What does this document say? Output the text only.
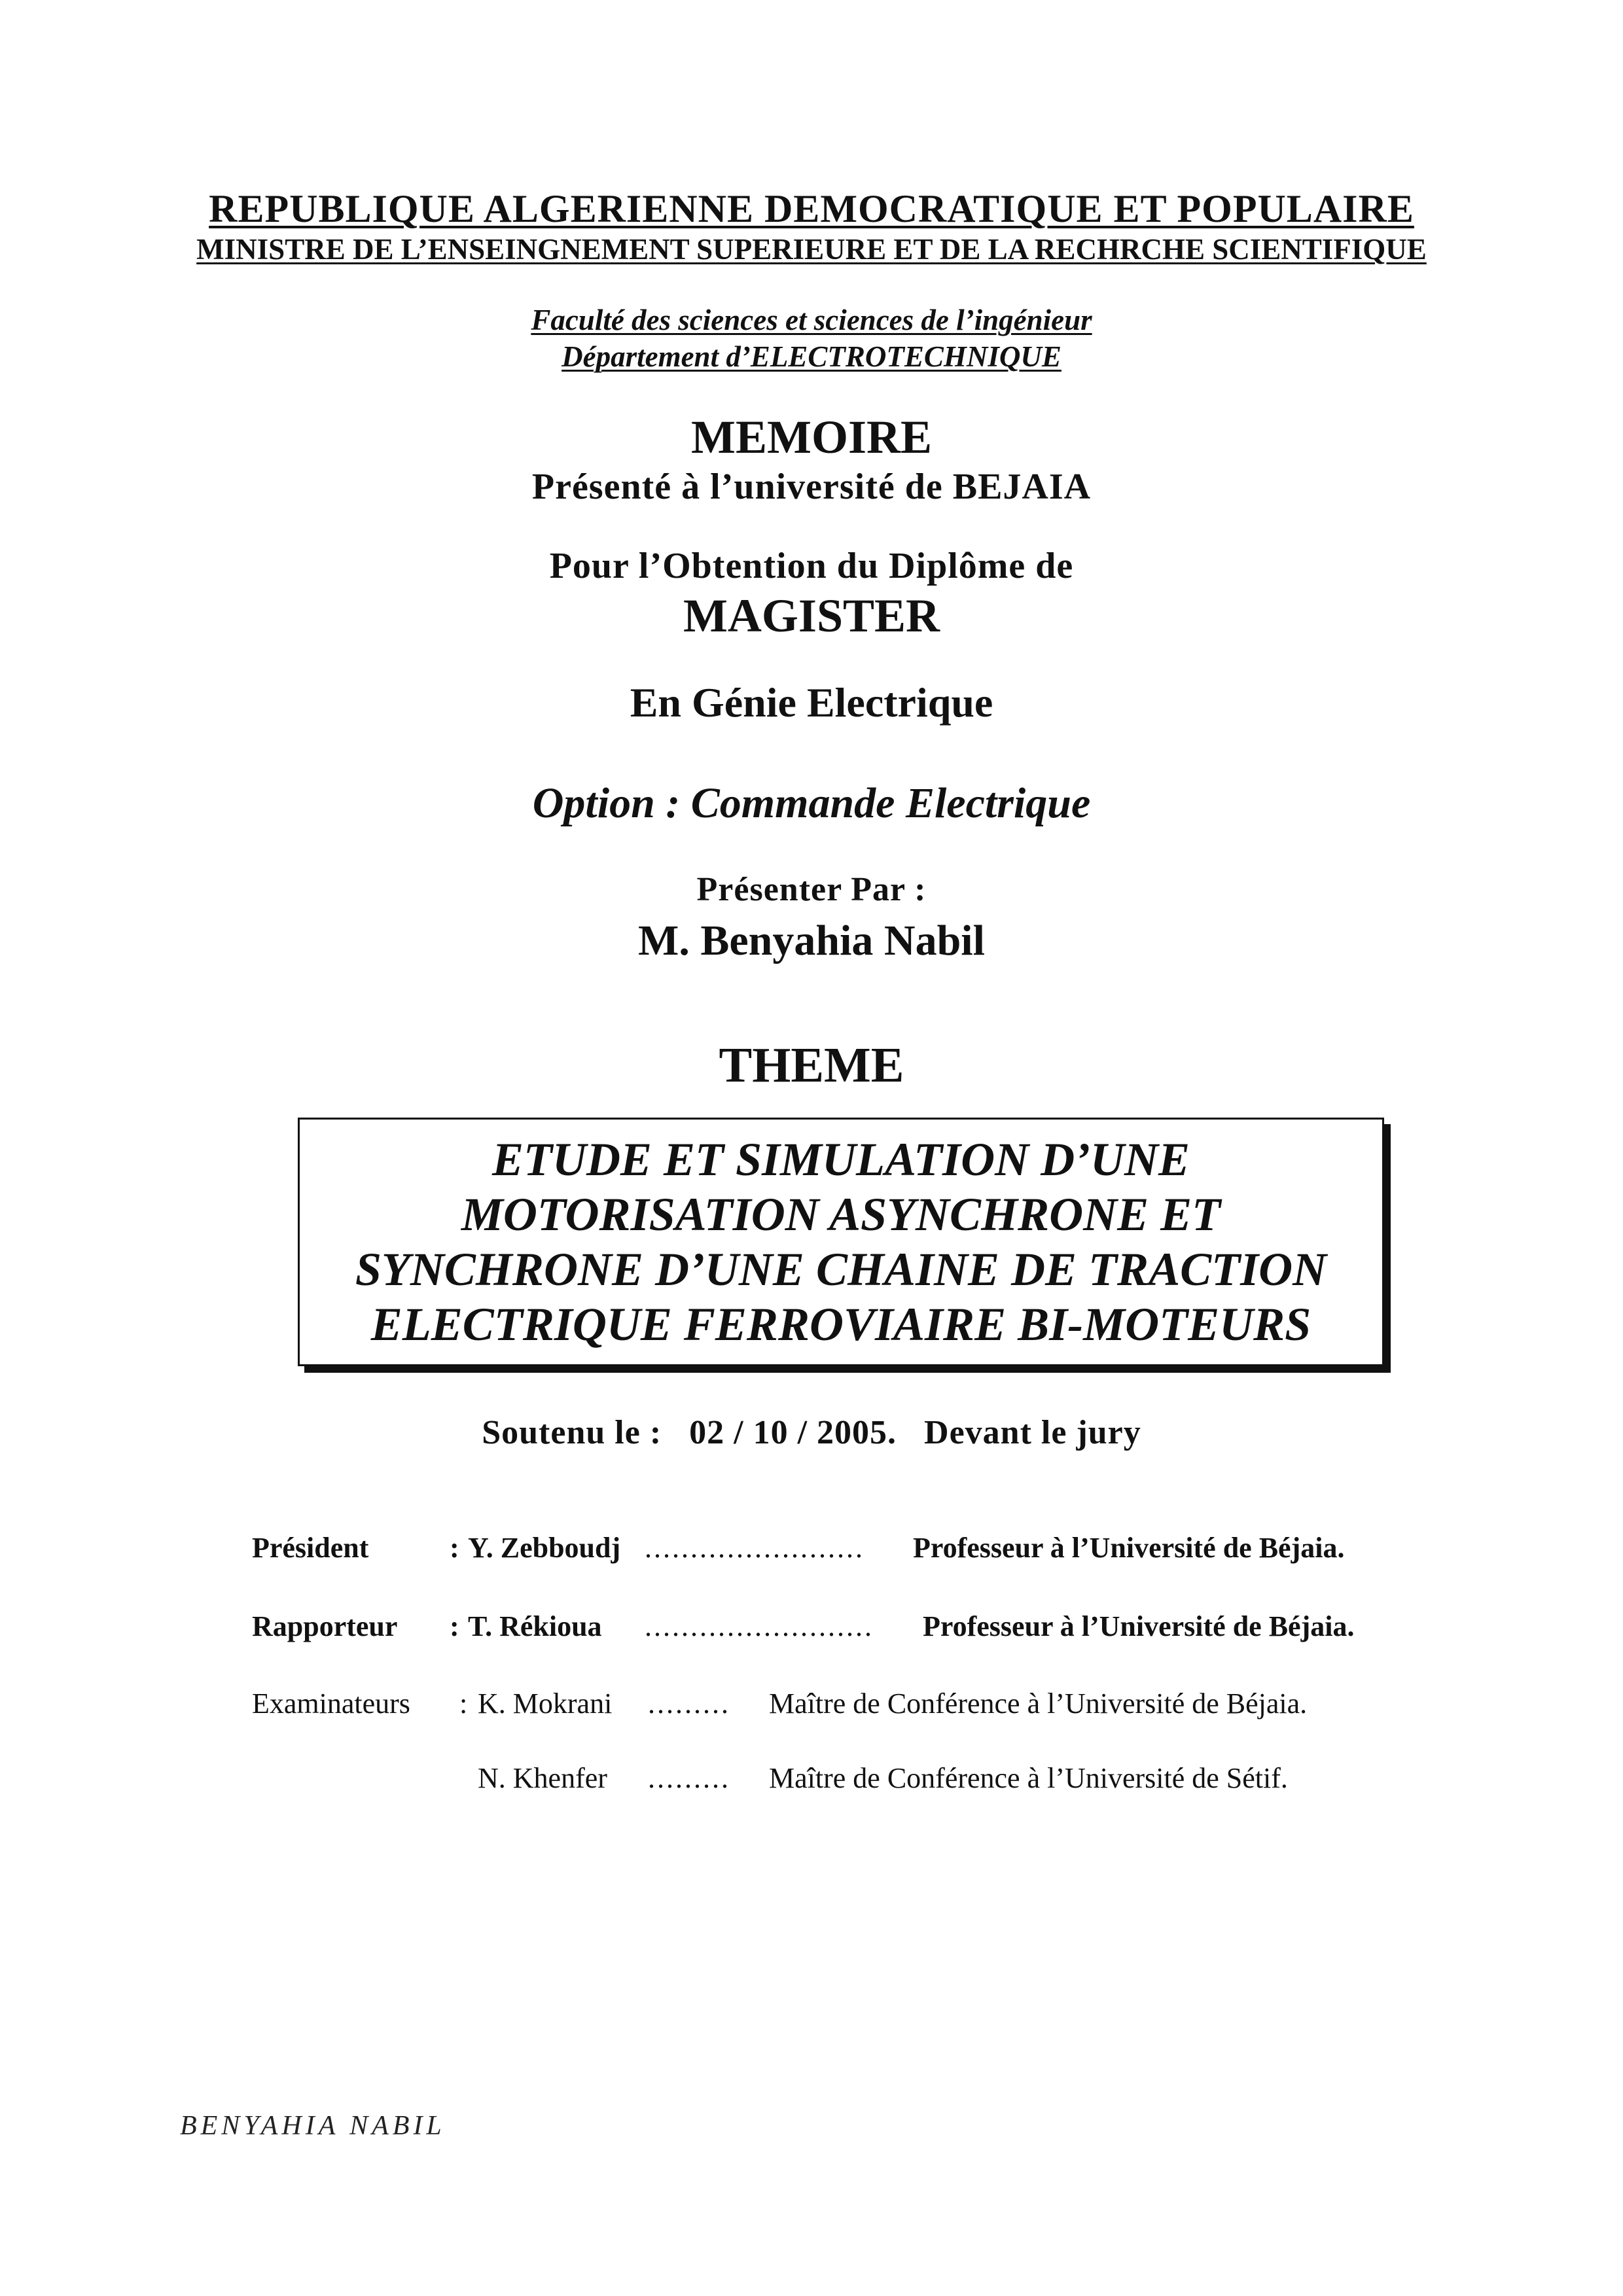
REPUBLIQUE ALGERIENNE DEMOCRATIQUE ET POPULAIRE
MINISTRE DE L’ENSEINGNEMENT SUPERIEURE ET DE LA RECHRCHE SCIENTIFIQUE
Faculté des sciences et sciences de l’ingénieur
Département d’ELECTROTECHNIQUE
MEMOIRE
Présenté à l’université de BEJAIA
Pour l’Obtention du Diplôme de
MAGISTER
En Génie Electrique
Option : Commande Electrique
Présenter Par :
M. Benyahia Nabil
THEME
ETUDE ET SIMULATION D’UNE
MOTORISATION ASYNCHRONE ET
SYNCHRONE D’UNE CHAINE DE TRACTION
ELECTRIQUE FERROVIAIRE BI-MOTEURS
Soutenu le : 02 / 10 / 2005. Devant le jury
Président	: Y. Zebboudj ........................ Professeur à l’Université de Béjaia.
Rapporteur : T. Rékioua ......................... Professeur à l’Université de Béjaia.
Examinateurs : K. Mokrani ......... Maître de Conférence à l’Université de Béjaia.
N. Khenfer ......... Maître de Conférence à l’Université de Sétif.
BENYAHIA NABIL
